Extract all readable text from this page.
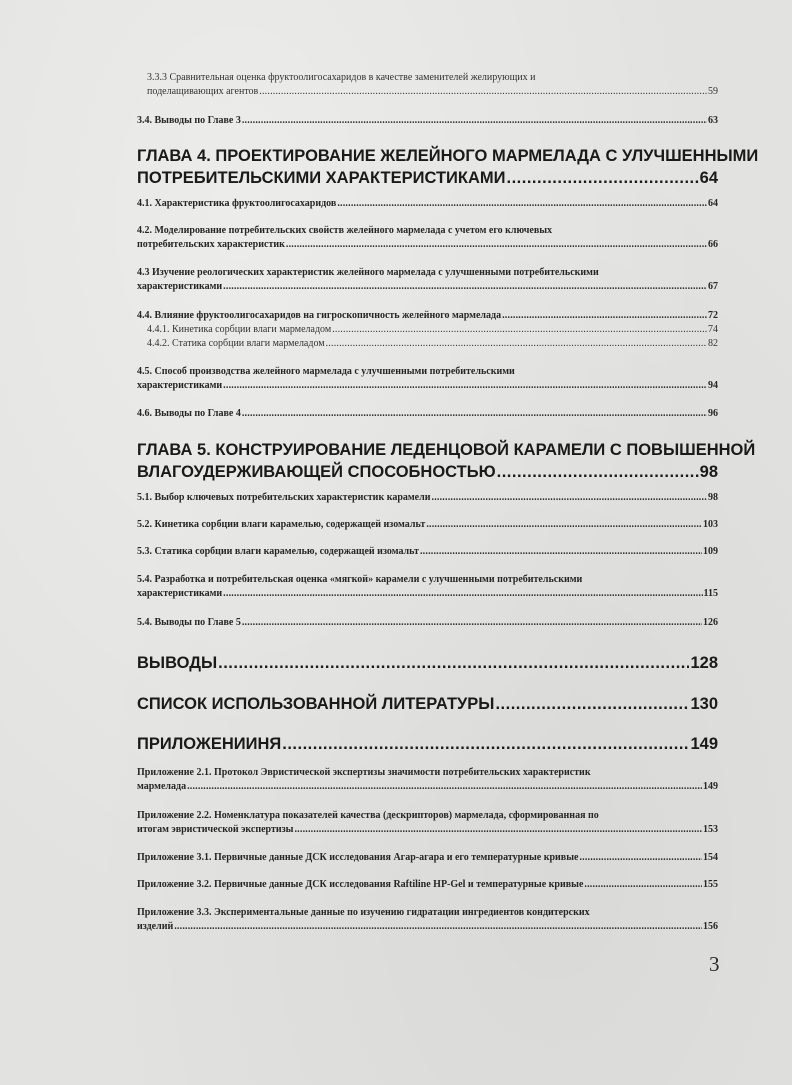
3.3.3 Сравнительная оценка фруктоолигосахаридов в качестве заменителей желирующих и
поделащивающих агентов .....	59
3.4. Выводы по Главе 3 .....	63
ГЛАВА 4. ПРОЕКТИРОВАНИЕ ЖЕЛЕЙНОГО МАРМЕЛАДА С УЛУЧШЕННЫМИ
ПОТРЕБИТЕЛЬСКИМИ ХАРАКТЕРИСТИКАМИ .....	64
4.1. Характеристика фруктоолигосахаридов .....	64
4.2. Моделирование потребительских свойств желейного мармелада с учетом его ключевых
потребительских характеристик .....	66
4.3 Изучение реологических характеристик желейного мармелада с улучшенными потребительскими
характеристиками .....	67
4.4. Влияние фруктоолигосахаридов на гигроскопичность желейного мармелада .....	72
4.4.1. Кинетика сорбции влаги мармеладом .....	74
4.4.2. Статика сорбции влаги мармеладом .....	82
4.5. Способ производства желейного мармелада с улучшенными потребительскими
характеристиками .....	94
4.6. Выводы по Главе 4 .....	96
ГЛАВА 5. КОНСТРУИРОВАНИЕ ЛЕДЕНЦОВОЙ КАРАМЕЛИ С ПОВЫШЕННОЙ
ВЛАГОУДЕРЖИВАЮЩЕЙ СПОСОБНОСТЬЮ .....	98
5.1. Выбор ключевых потребительских характеристик карамели .....	98
5.2. Кинетика сорбции влаги карамелью, содержащей изомальт .....	103
5.3. Статика сорбции влаги карамелью, содержащей изомальт .....	109
5.4. Разработка и потребительская оценка «мягкой» карамели с улучшенными потребительскими
характеристиками .....	115
5.4. Выводы по Главе 5 .....	126
ВЫВОДЫ .....	128
СПИСОК ИСПОЛЬЗОВАННОЙ ЛИТЕРАТУРЫ .....	130
ПРИЛОЖЕНИИНЯ .....	149
Приложение 2.1. Протокол Эвристической экспертизы значимости потребительских характеристик
мармелада .....	149
Приложение 2.2. Номенклатура показателей качества (дескрипторов) мармелада, сформированная по
итогам эвристической экспертизы .....	153
Приложение 3.1. Первичные данные ДСК исследования Агар-агара и его температурные кривые .....	154
Приложение 3.2. Первичные данные ДСК исследования Raftiline HP-Gel и температурные кривые .....	155
Приложение 3.3. Экспериментальные данные по изучению гидратации ингредиентов кондитерских
изделий .....	156
3
